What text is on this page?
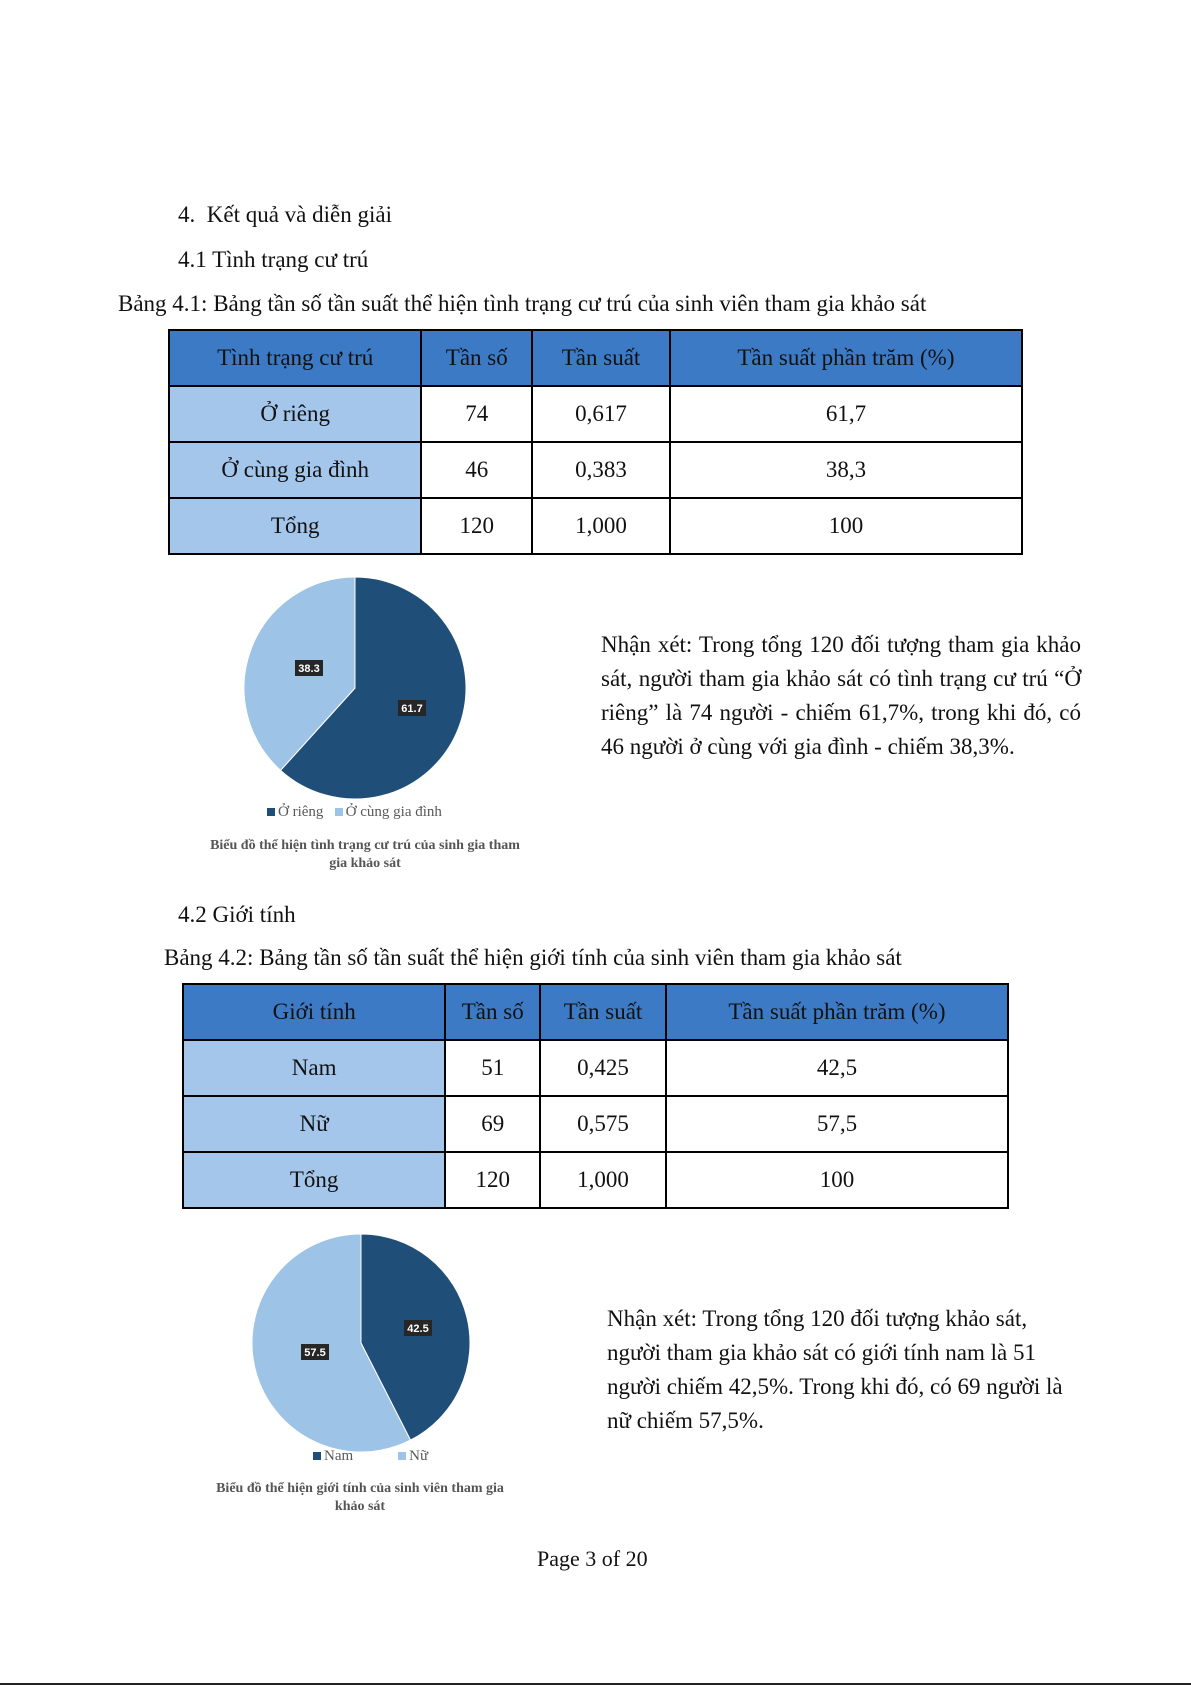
4. Kết quả và diễn giải
4.1 Tình trạng cư trú
Bảng 4.1: Bảng tần số tần suất thể hiện tình trạng cư trú của sinh viên tham gia khảo sát
Tình trạng cư trú	Tần số	Tần suất	Tần suất phần trăm (%)
Ở riêng	74	0,617	61,7
Ở cùng gia đình	46	0,383	38,3
Tổng	120	1,000	100
61.7
38.3
Ở riêng Ở cùng gia đình
Biểu đồ thể hiện tình trạng cư trú của sinh gia tham
gia khảo sát
Nhận xét: Trong tổng 120 đối tượng tham gia khảo sát, người tham gia khảo sát có tình trạng cư trú “Ở riêng” là 74 người - chiếm 61,7%, trong khi đó, có 46 người ở cùng với gia đình - chiếm 38,3%.
4.2 Giới tính
Bảng 4.2: Bảng tần số tần suất thể hiện giới tính của sinh viên tham gia khảo sát
Giới tính	Tần số	Tần suất	Tần suất phần trăm (%)
Nam	51	0,425	42,5
Nữ	69	0,575	57,5
Tổng	120	1,000	100
42.5
57.5
Nam	Nữ
Biểu đồ thể hiện giới tính của sinh viên tham gia
khảo sát
Nhận xét: Trong tổng 120 đối tượng khảo sát, người tham gia khảo sát có giới tính nam là 51 người chiếm 42,5%. Trong khi đó, có 69 người là nữ chiếm 57,5%.
Page 3 of 20
